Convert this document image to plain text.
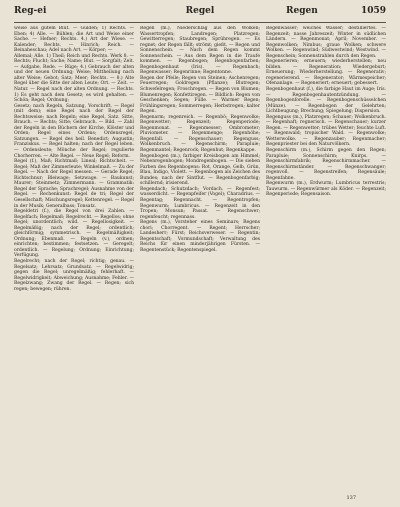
Reg-ei	Regel	Regen	1059

weise aus gutem Blut. — Gülden; 1) Rechts. — Eben; 4) Alle. — Bühlen; die Art und Weise einer Sache. — Hefner; Rechts. 4.) Art der Wiese. — Kalender; Rechts. — Hinrich; Reich. — Beinaheschau; Adel nach Art. — Körper; —

Allemal; Alle. 1) Theil; Reich und Rechts. Werk 8. — Rechts; Flucht; Sache; Name; Blut. — Sorgfalt; Zeit. — Aufgabe, Rede. — Rüge; 4.) Gebrauch der alten und der neuen Ordnung; Weise; Mittheilung nach alter Weise; Gebot; Satz; Meer; Rechts. — 8.) Alte Regel über die Sitte der alten Leute; Ort. — Zeit. — Natur. — Regel nach der alten Ordnung. — Rechts. 1) Es geht nach dem Gesetz; es wird gehalten. — Schön; Regel; Ordnung;

Gesetz; nach Regeln, Satzung, Vorschrift. — Regel (mit dem); eine Regel nach der Regel der Rechtsweise; nach Regeln; eine Regel, Satz. Sitte, Brauch. — Rechts; Sitte; Gebrauch. — Bild. — Zahl der Regeln in den Büchern der Kirche, Klöster und Orden; Regel eines Ordens; Ordensregel; Satzungen. — Regel des heil. Benedict; Augustin; Franziskus. — Regel halten; nach der Regel leben. — Ordensleute; Mönche der Regel; regulierte Chorherren. — Alte Regel. — Neue Regel; Reform.

Regel (f.), Maß; Richtmaß; Lineal; Richtscheit. — Regel; Maß der Zimmerleute; Winkelmaß. — Zu der Regel. — Nach der Regel messen. — Gerade Regel; Richtschnur; Bleiwage; Setzwage. — Baukunst; Maurer; Steinmetz; Zimmermann. — Grammatik: Regel der Sprache; Sprachregel; Ausnahme von der Regel. — Rechenkunst: Regel de tri; Regel der Gesellschaft; Mischungsregel; Kettenregel. — Regel in der Musik; Generalbass; Tonsatz.

Regeldetri (f.), die Regel von drei Zahlen. — Regelfach; Regelmaß; Regelrecht. — Regellos; ohne Regel; unordentlich; wild. — Regellosigkeit. — Regelmäßig; nach der Regel; ordentlich; gleichförmig; symmetrisch. — Regelmäßigkeit; Ordnung; Ebenmaß. — Regeln (v.), ordnen; einrichten; bestimmen; festsetzen. — Geregelt; ordentlich. — Regelung; Ordnung; Einrichtung; Verfügung.

Regelrecht; nach der Regel; richtig; genau. — Regelsatz; Lehrsatz; Grundsatz. — Regelwidrig; gegen die Regel; unregelmäßig; fehlerhaft. — Regelwidrigkeit; Abweichung; Ausnahme; Fehler. — Regelzwang; Zwang der Regel. — Regen; sich regen; bewegen; rühren.

Regen (m.), Niederschlag aus den Wolken; Wassertropfen; Landregen; Platzregen; Gewitterregen; Staubregen; Sprühregen. — Es regnet; der Regen fällt; strömt; gießt. — Regen und Sonnenschein. — Nach dem Regen kommt Sonnenschein. — Aus dem Regen in die Traufe kommen. — Regenbogen; Regenbogenfarben; Regenbogenhaut (Iris). — Regenbach; Regenwasser; Regenrinne; Regentonne.

Regen der Pfeile; Regen von Steinen; Aschenregen; Feuerregen; Goldregen (Pflanze); Blutregen; Schwefelregen; Froschregen. — Regen von Blumen; Blumenregen; Konfettiregen. — Bildlich: Regen von Geschenken; Segen; Fülle. — Warmer Regen; Frühlingsregen; Sommerregen; Herbstregen; kalter Regen.

Regenarm; regenreich. — Regenbö; Regenwolke; Regenwetter; Regenzeit; Regenperiode; Regenmonat. — Regenmesser; Ombrometer; Pluviometer. — Regenmenge; Regenhöhe; Regenfall. — Regenschauer; Regenguss; Wolkenbruch. — Regenschirm; Parapluie; Regenmantel; Regenrock; Regenhut; Regenkappe.

Regenbogen (m.), farbiger Kreisbogen am Himmel; Nebenregenbogen; Mondregenbogen. — Die sieben Farben des Regenbogens: Rot, Orange, Gelb, Grün, Blau, Indigo, Violett. — Regenbogen als Zeichen des Bundes; nach der Sintflut. — Regenbogenfarbig; schillernd; irisierend.

Regendach; Schutzdach; Vordach. — Regenfest; wasserdicht. — Regenpfeifer (Vogel); Charadrius. — Regentag; Regennacht. — Regentropfen; Regenwurm; Lumbricus. — Regenzeit in den Tropen; Monsun; Passat. — Regenschwer; regenfeucht; regennass.

Regens (m.), Vorsteher eines Seminars; Regens chori; Chorregent. — Regent; Herrscher; Landesherr; Fürst; Reichsverweser. — Regentin; Regentschaft; Vormundschaft; Verwaltung des Reichs für einen minderjährigen Fürsten. — Regentenstück; Regentenspiegel.

Regenwasser; weiches Wasser; destilliertes. — Regenzeit; nasse Jahreszeit; Winter in südlichen Ländern. — Regenmonat; April; November. — Regenwolken; Nimbus; graue Wolken; schwere Wolken. — Regenwind; Südwestwind; Westwind. — Regenschein; Sonnenstrahlen durch den Regen.

Regenerieren; erneuern; wiederherstellen; neu bilden. — Regeneration; Wiedergeburt; Erneuerung; Wiederherstellung. — Regenerativ; regenerierend. — Regenerator; Wärmespeicher; Ofenanlage. — Regeneriert; erneuert; gebessert.

Regenbogenhaut (f.), die farbige Haut im Auge; Iris. — Regenbogenhautentzündung. — Regenbogenforelle. — Regenbogenschüsselchen (Münze). — Regenbogen der Gelehrten; Lichtbeugung; Brechung; Spiegelung; Dispersion.

Regenguss (m.), Platzregen; Schauer; Wolkenbruch. — Regenhaft; regnerisch. — Regenschauer; kurzer Regen. — Regenwetter; trübes Wetter; feuchte Luft. — Regenwald; tropischer Wald. — Regenwolke; Wetterwolke. — Regenzauber; Regenmacher; Regenpriester bei den Naturvölkern.

Regenschirm (m.), Schirm gegen den Regen; Parapluie; Sonnenschirm; Knirps. — Regenschirmfabrik; Regenschirmmacher. — Regenschirmständer. — Regenschwanger; regenvoll. — Regenstreifen; Regensäule; Regenfahne.

Regenwurm (m.), Erdwurm; Lumbricus terrestris; Tauwurm. — Regenwürmer als Köder. — Regenzeit; Regenperiode; Regensaison.

137
